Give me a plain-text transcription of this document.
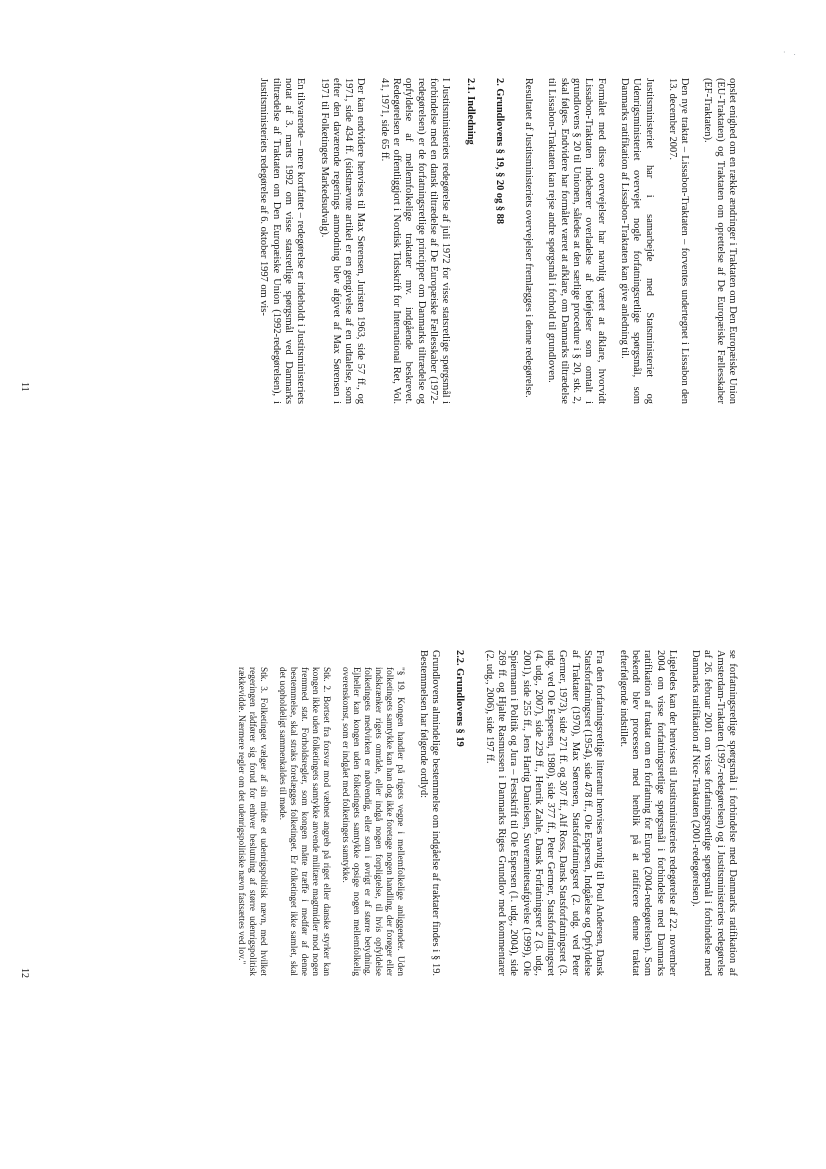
opslet enighed om en række ændringer i Traktaten om Den Europæiske Union (EU-Traktaten) og Traktaten om oprettelse af De Europæiske Fællesskaber (EF-Traktaten).

Den nye traktat – Lissabon-Traktaten – forventes undertegnet i Lissabon den 13. december 2007.

Justitsministeriet har i samarbejde med Statsministeriet og Udenrigsministeriet overvejet nogle forfatningsretlige spørgsmål, som Danmarks ratifikation af Lissabon-Traktaten kan give anledning til.

Formålet med disse overvejelser har navnlig været at afklare, hvorvidt Lissabon-Traktaten indebærer overladelse af beføjelser som omtalt i grundlovens § 20 til Unionen, således at den særlige procedure i § 20, stk. 2, skal følges. Endvidere har formålet været at afklare, om Danmarks tiltrædelse til Lissabon-Traktaten kan rejse andre spørgsmål i forhold til grundloven.

Resultatet af Justitsministeriets overvejelser fremlægges i denne redegørelse.

2. Grundlovens § 19, § 20 og § 88
2.1. Indledning

I Justitsministeriets redegørelse af juli 1972 for visse statsretlige spørgsmål i forbindelse med en dansk tiltrædelse af De Europæiske Fællesskaber (1972-redegørelsen) er de forfatningsretlige principper om Danmarks tiltrædelse og opfyldelse af mellemfolkelige traktater mv. indgående beskrevet. Redegørelsen er offentliggjort i Nordisk Tidsskrift for International Ret, Vol. 41, 1971, side 65 ff.

Der kan endvidere henvises til Max Sørensen, Juristen 1963, side 57 ff., og 1971, side 434 ff. (sidstnævnte artikel er en gengivelse af en udtalelse, som efter den daværende regerings anmodning blev afgivet af Max Sørensen i 1971 til Folketingets Markedsudvalg).

En tilsvarende – mere kortfattet – redegørelse er indeholdt i Justitsministeriets notat af 3. marts 1992 om visse statsretlige spørgsmål ved Danmarks tiltrædelse af Traktaten om Den Europæiske Union (1992-redegørelsen), i Justitsministeriets redegørelse af 6. oktober 1997 om vis-

11

se forfatningsretlige spørgsmål i forbindelse med Danmarks ratifikation af Amsterdam-Traktaten (1997-redegørelsen) og i Justitsministeriets redegørelse af 26. februar 2001 om visse forfatningsretlige spørgsmål i forbindelse med Danmarks ratifikation af Nice-Traktaten (2001-redegørelsen).

Ligeledes kan der henvises til Justitsministeriets redegørelse af 22. november 2004 om visse forfatningsretlige spørgsmål i forbindelse med Danmarks ratifikation af traktat om en forfatning for Europa (2004-redegørelsen). Som bekendt blev processen med henblik på at ratificere denne traktat efterfølgende indstillet.

Fra den forfatningsretlige litteratur henvises navnlig til Poul Andersen, Dansk Statsforfatningsret (1954), side 478 ff., Ole Espersen, Indgåelse og Opfyldelse af Traktater (1970), Max Sørensen, Statsforfatningsret (2. udg. ved Peter Germer, 1973), side 271 ff. og 307 ff., Alf Ross, Dansk Statsforfatningsret (3. udg. ved Ole Espersen, 1980), side 377 ff., Peter Germer, Statsforfatningsret (4. udg., 2007), side 229 ff., Henrik Zahle, Dansk Forfatningsret 2 (3. udg., 2001), side 255 ff., Jens Hartig Danielsen, Suverænitetsafgivelse (1999), Ole Spiermann i Politik og Jura – Festskrift til Ole Espersen (1. udg., 2004), side 269 ff. og Hjalte Rasmussen i Danmarks Riges Grundlov med kommentarer (2. udg., 2006), side 197 ff.

2.2. Grundlovens § 19

Grundlovens almindelige bestemmelse om indgåelse af traktater findes i § 19. Bestemmelsen har følgende ordlyd:

"§ 19. Kongen handler på rigets vegne i mellemfolkelige anliggender. Uden folketingets samtykke kan han dog ikke foretage nogen handling, der forøger eller indskrænker rigets område, eller indgå nogen forpligtelse, til hvis opfyldelse folketingets medvirken er nødvendig, eller som i øvrigt er af større betydning. Ejheller kan kongen uden folketingets samtykke opsige nogen mellemfolkelig overenskomst, som er indgået med folketingets samtykke.
Stk. 2. Bortset fra forsvar mod væbnet angreb på riget eller danske styrker kan kongen ikke uden folketingets samtykke anvende militære magtmidler mod nogen fremmed stat. Forholdsregler, som kongen måtte træffe i medfør af denne bestemmelse, skal straks forelægges folketinget. Er folketinget ikke samlet, skal det uopholdeligt sammenkaldes til møde.
Stk. 3. Folketinget vælger af sin midte et udenrigspolitisk nævn, med hvilket regeringen rådfører sig forud for enhver beslutning af større udenrigspolitisk rækkevidde. Nærmere regler om det udenrigspolitiske nævn fastsættes ved lov."
12
· .
